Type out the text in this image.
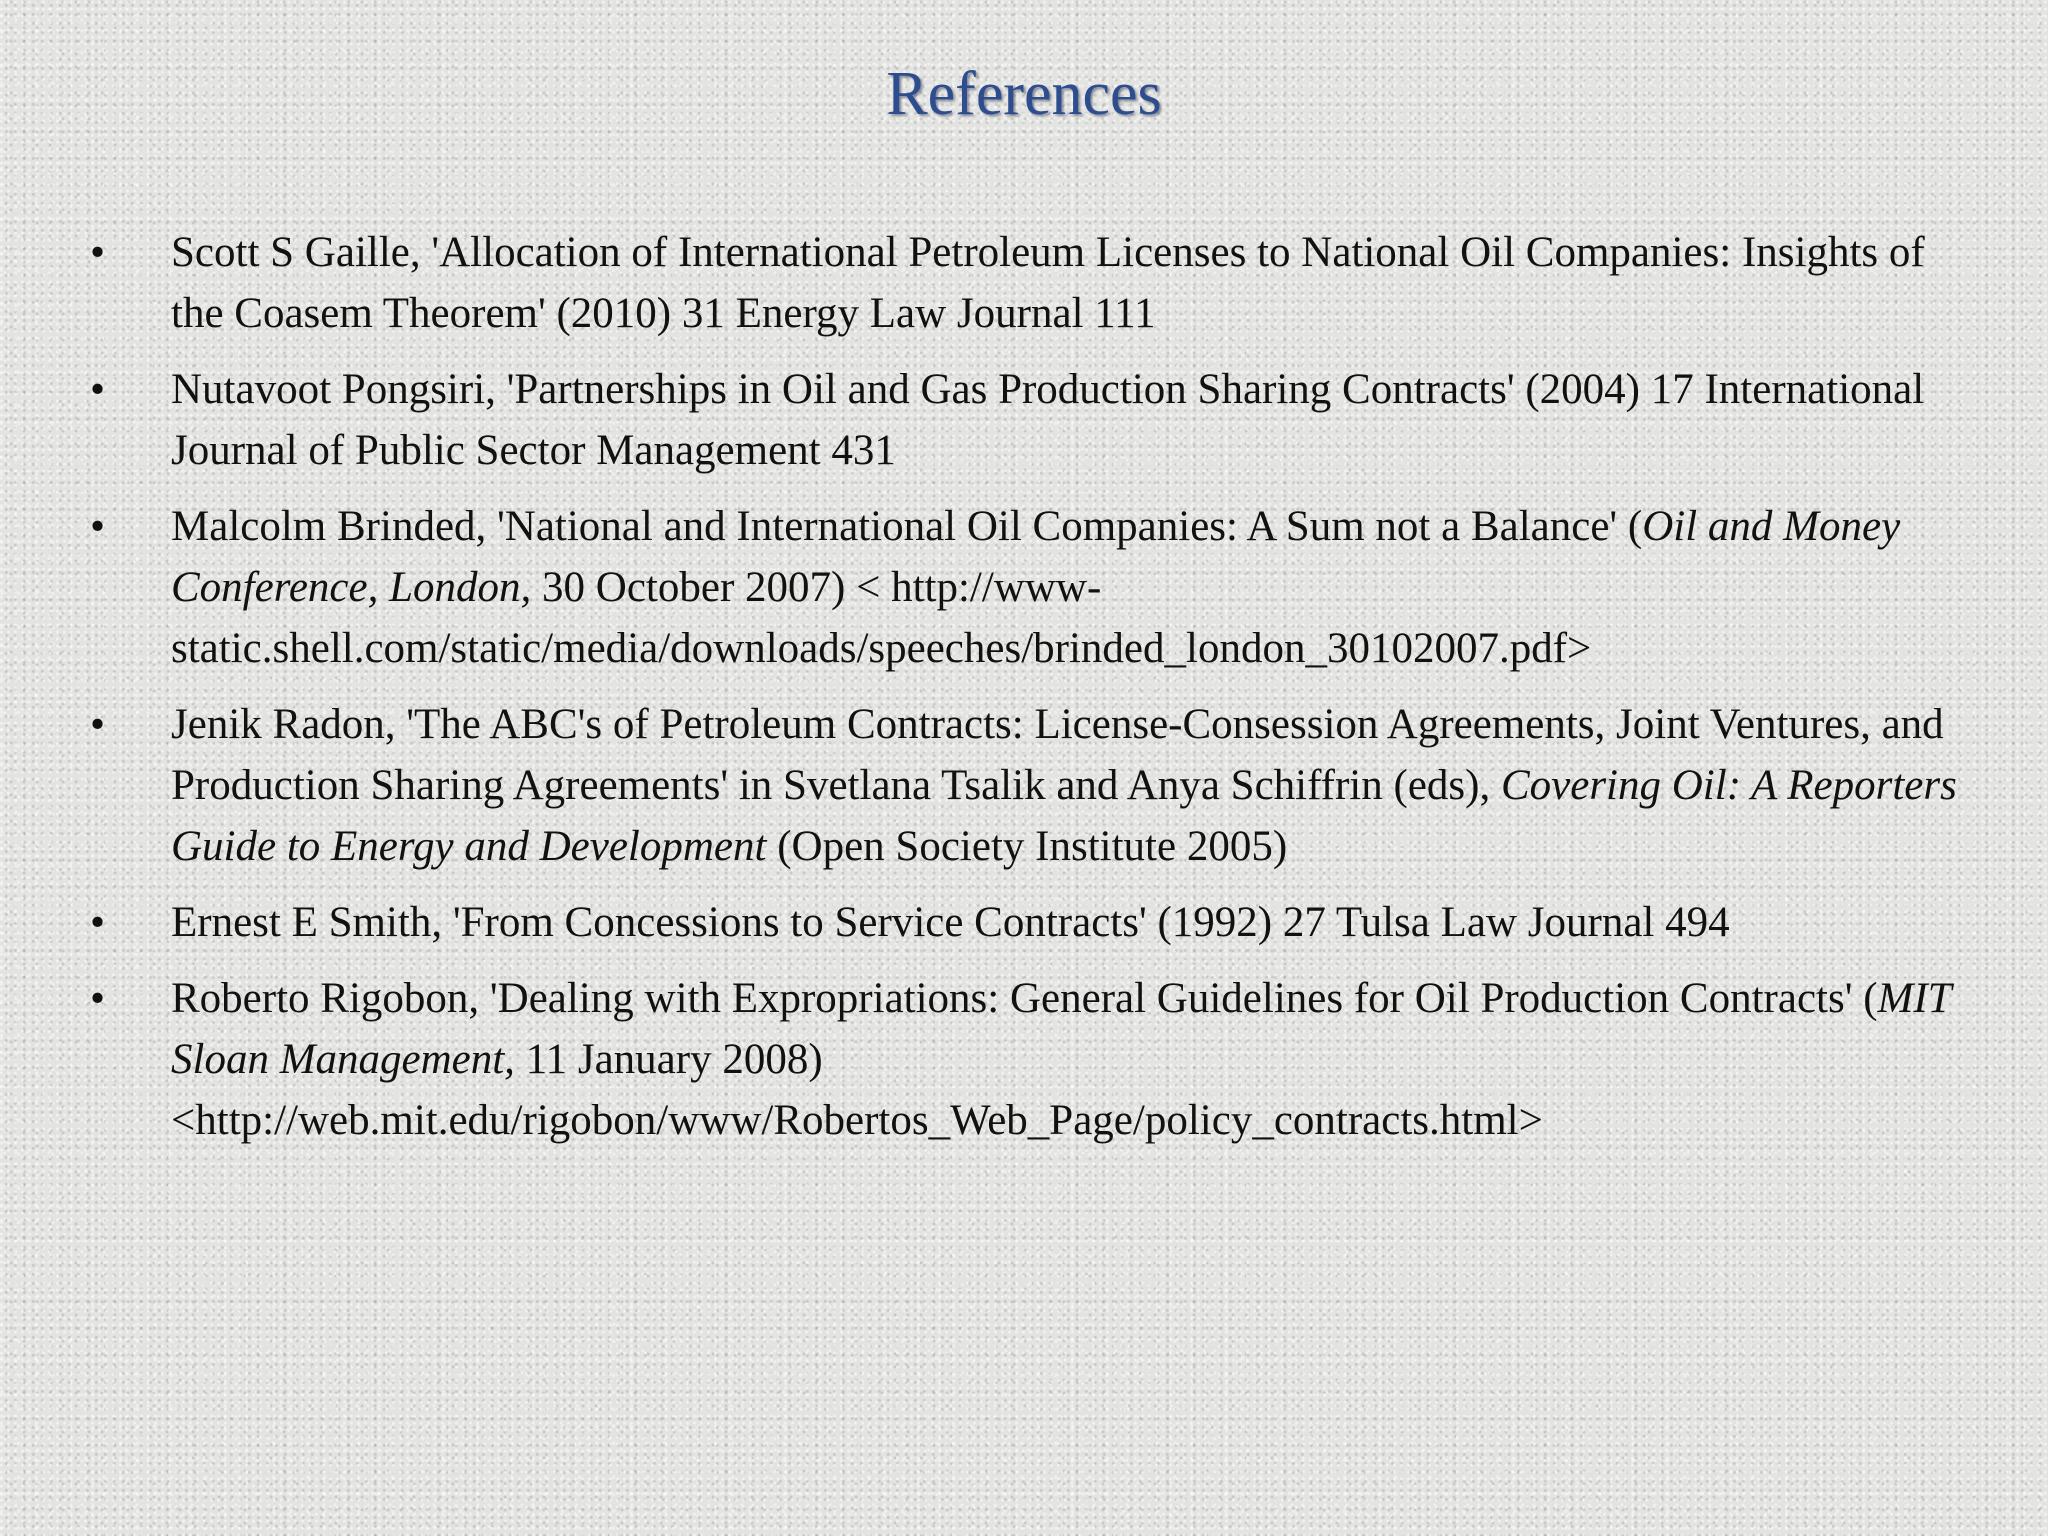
References
•	Scott S Gaille, 'Allocation of International Petroleum Licenses to National Oil Companies: Insights of the Coasem Theorem' (2010) 31 Energy Law Journal 111
•	Nutavoot Pongsiri, 'Partnerships in Oil and Gas Production Sharing Contracts' (2004) 17 International Journal of Public Sector Management 431
•	Malcolm Brinded, 'National and International Oil Companies: A Sum not a Balance' (Oil and Money Conference, London, 30 October 2007) < http://www-static.shell.com/static/media/downloads/speeches/brinded_london_30102007.pdf>
•	Jenik Radon, 'The ABC's of Petroleum Contracts: License-Consession Agreements, Joint Ventures, and Production Sharing Agreements' in Svetlana Tsalik and Anya Schiffrin (eds), Covering Oil: A Reporters Guide to Energy and Development (Open Society Institute 2005)
•	Ernest E Smith, 'From Concessions to Service Contracts' (1992) 27 Tulsa Law Journal 494
•	Roberto Rigobon, 'Dealing with Expropriations: General Guidelines for Oil Production Contracts' (MIT Sloan Management, 11 January 2008) <http://web.mit.edu/rigobon/www/Robertos_Web_Page/policy_contracts.html>
